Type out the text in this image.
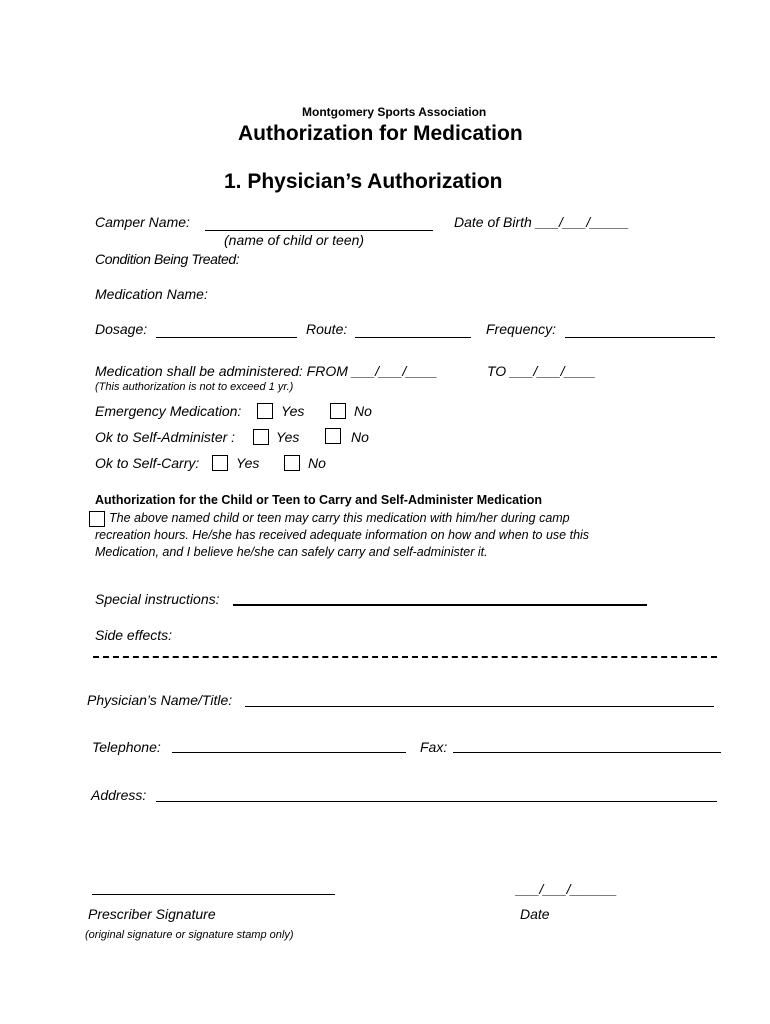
Montgomery Sports Association
Authorization for Medication
1. Physician’s Authorization
Camper Name:	Date of Birth ___/___/_____
(name of child or teen)
Condition Being Treated:
Medication Name:
Dosage:	Route:	Frequency:
Medication shall be administered: FROM ___/___/____	TO ___/___/____
(This authorization is not to exceed 1 yr.)
Emergency Medication:	Yes	No
Ok to Self-Administer :	Yes	No
Ok to Self-Carry:	Yes	No
Authorization for the Child or Teen to Carry and Self-Administer Medication
The above named child or teen may carry this medication with him/her during camp
recreation hours. He/she has received adequate information on how and when to use this
Medication, and I believe he/she can safely carry and self-administer it.
Special instructions:
Side effects:
Physician’s Name/Title:
Telephone:	Fax:
Address:
___/___/______
Prescriber Signature	Date
(original signature or signature stamp only)
